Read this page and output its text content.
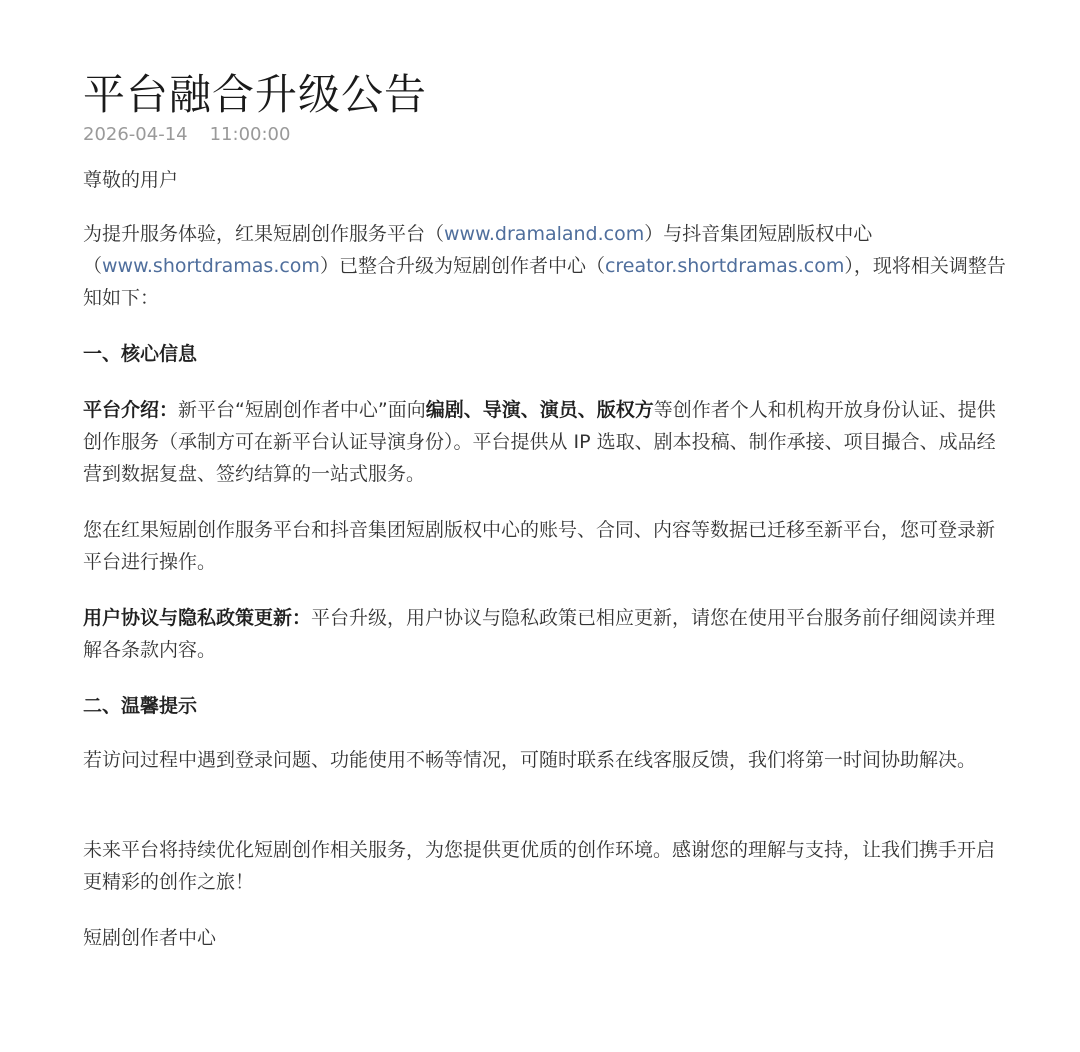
平台融合升级公告
2026-04-14 11:00:00

尊敬的用户

为提升服务体验，红果短剧创作服务平台（www.dramaland.com）与抖音集团短剧版权中心（www.shortdramas.com）已整合升级为短剧创作者中心（creator.shortdramas.com），现将相关调整告知如下：

一、核心信息

平台介绍：新平台“短剧创作者中心”面向编剧、导演、演员、版权方等创作者个人和机构开放身份认证、提供创作服务（承制方可在新平台认证导演身份）。平台提供从 IP 选取、剧本投稿、制作承接、项目撮合、成品经营到数据复盘、签约结算的一站式服务。

您在红果短剧创作服务平台和抖音集团短剧版权中心的账号、合同、内容等数据已迁移至新平台，您可登录新平台进行操作。

用户协议与隐私政策更新：平台升级，用户协议与隐私政策已相应更新，请您在使用平台服务前仔细阅读并理解各条款内容。

二、温馨提示

若访问过程中遇到登录问题、功能使用不畅等情况，可随时联系在线客服反馈，我们将第一时间协助解决。

未来平台将持续优化短剧创作相关服务，为您提供更优质的创作环境。感谢您的理解与支持，让我们携手开启更精彩的创作之旅！

短剧创作者中心
